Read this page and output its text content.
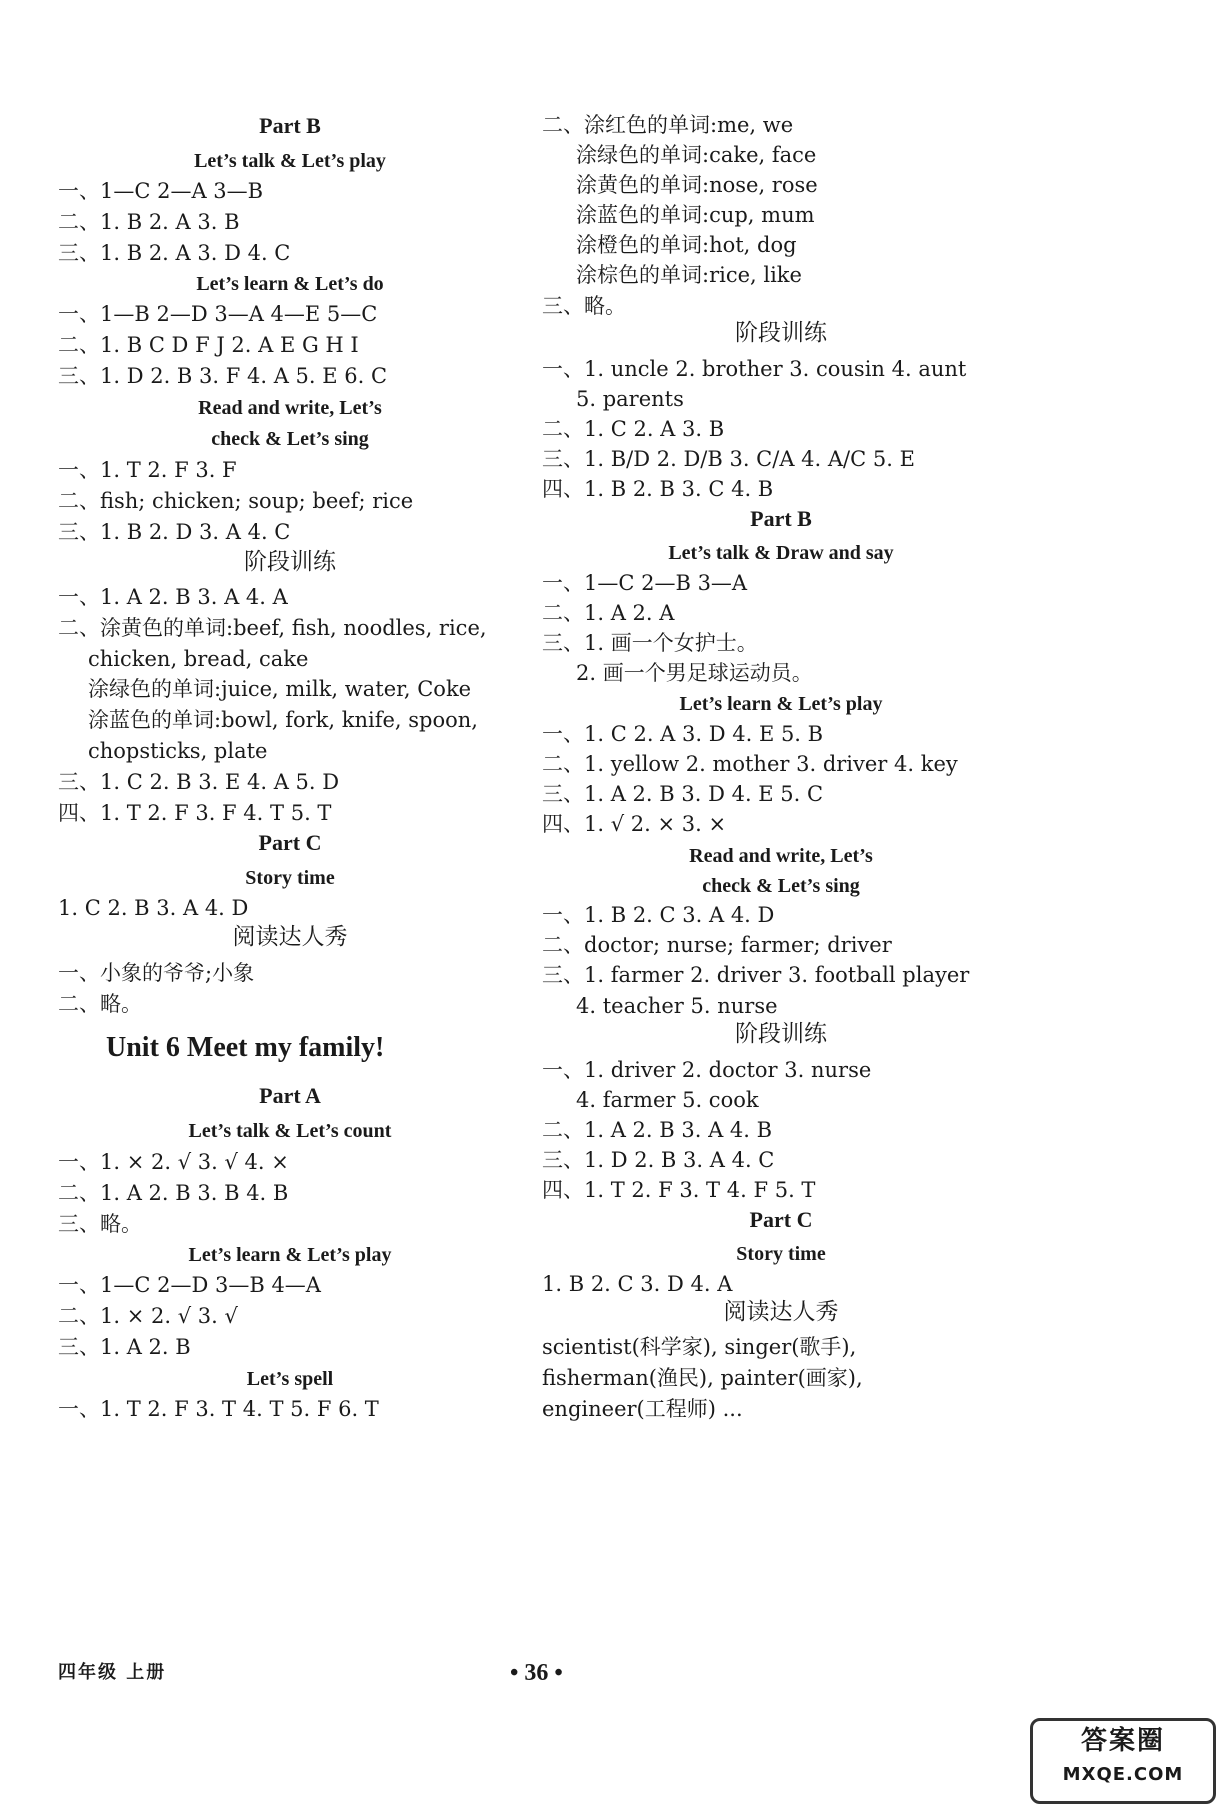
Part B
Let’s talk & Let’s play
一、1—C 2—A 3—B
二、1. B 2. A 3. B
三、1. B 2. A 3. D 4. C
Let’s learn & Let’s do
一、1—B 2—D 3—A 4—E 5—C
二、1. B C D F J 2. A E G H I
三、1. D 2. B 3. F 4. A 5. E 6. C
Read and write, Let’s
check & Let’s sing
一、1. T 2. F 3. F
二、fish; chicken; soup; beef; rice
三、1. B 2. D 3. A 4. C
阶段训练
一、1. A 2. B 3. A 4. A
二、涂黄色的单词:beef, fish, noodles, rice,
chicken, bread, cake
涂绿色的单词:juice, milk, water, Coke
涂蓝色的单词:bowl, fork, knife, spoon,
chopsticks, plate
三、1. C 2. B 3. E 4. A 5. D
四、1. T 2. F 3. F 4. T 5. T
Part C
Story time
1. C 2. B 3. A 4. D
阅读达人秀
一、小象的爷爷;小象
二、略。
Unit 6 Meet my family!
Part A
Let’s talk & Let’s count
一、1. × 2. √ 3. √ 4. ×
二、1. A 2. B 3. B 4. B
三、略。
Let’s learn & Let’s play
一、1—C 2—D 3—B 4—A
二、1. × 2. √ 3. √
三、1. A 2. B
Let’s spell
一、1. T 2. F 3. T 4. T 5. F 6. T
二、涂红色的单词:me, we
涂绿色的单词:cake, face
涂黄色的单词:nose, rose
涂蓝色的单词:cup, mum
涂橙色的单词:hot, dog
涂棕色的单词:rice, like
三、略。
阶段训练
一、1. uncle 2. brother 3. cousin 4. aunt
5. parents
二、1. C 2. A 3. B
三、1. B/D 2. D/B 3. C/A 4. A/C 5. E
四、1. B 2. B 3. C 4. B
Part B
Let’s talk & Draw and say
一、1—C 2—B 3—A
二、1. A 2. A
三、1. 画一个女护士。
2. 画一个男足球运动员。
Let’s learn & Let’s play
一、1. C 2. A 3. D 4. E 5. B
二、1. yellow 2. mother 3. driver 4. key
三、1. A 2. B 3. D 4. E 5. C
四、1. √ 2. × 3. ×
Read and write, Let’s
check & Let’s sing
一、1. B 2. C 3. A 4. D
二、doctor; nurse; farmer; driver
三、1. farmer 2. driver 3. football player
4. teacher 5. nurse
阶段训练
一、1. driver 2. doctor 3. nurse
4. farmer 5. cook
二、1. A 2. B 3. A 4. B
三、1. D 2. B 3. A 4. C
四、1. T 2. F 3. T 4. F 5. T
Part C
Story time
1. B 2. C 3. D 4. A
阅读达人秀
scientist(科学家), singer(歌手),
fisherman(渔民), painter(画家),
engineer(工程师) ...
四年级 上册	• 36 •
答案圈
MXQE.COM
